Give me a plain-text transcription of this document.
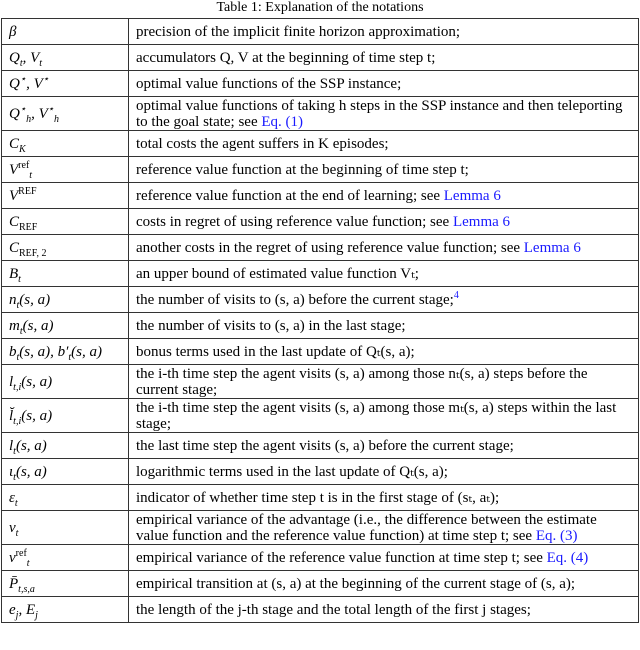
Table 1: Explanation of the notations
β	precision of the implicit finite horizon approximation;
$Q_t$, $V_t$	accumulators Q, V at the beginning of time step t;
Q⋆, V⋆	optimal value functions of the SSP instance;
$Q^⋆_h$, $V^⋆_h$	optimal value functions of taking h steps in the SSP instance and then teleporting to the goal state; see Eq. (1)
$C_K$	total costs the agent suffers in K episodes;
$V^{ref}_t$	reference value function at the beginning of time step t;
$V^{REF}$	reference value function at the end of learning; see Lemma 6
$C_{REF}$	costs in regret of using reference value function; see Lemma 6
$C_{REF, 2}$	another costs in the regret of using reference value function; see Lemma 6
$B_t$	an upper bound of estimated value function Vₜ;
$n_t(s$, a)	the number of visits to (s, a) before the current stage;$^4$
$m_t(s$, a)	the number of visits to (s, a) in the last stage;
$b_t(s$, a), $b'_t(s$, a)	bonus terms used in the last update of Qₜ(s, a);
$l_{t,i}(s$, a)	the i-th time step the agent visits (s, a) among those nₜ(s, a) steps before the current stage;
$l̆_{t,i}(s$, a)	the i-th time step the agent visits (s, a) among those mₜ(s, a) steps within the last stage;
$l_t(s$, a)	the last time step the agent visits (s, a) before the current stage;
$\iota_t(s$, a)	logarithmic terms used in the last update of Qₜ(s, a);
$\varepsilon_t$	indicator of whether time step t is in the first stage of (sₜ, aₜ);
$\nu_t$	empirical variance of the advantage (i.e., the difference between the estimate value function and the reference value function) at time step t; see Eq. (3)
$\nu^{ref}_t$	empirical variance of the reference value function at time step t; see Eq. (4)
$P̄_{t,s,a}$	empirical transition at (s, a) at the beginning of the current stage of (s, a);
$e_j$, $E_j$	the length of the j-th stage and the total length of the first j stages;
